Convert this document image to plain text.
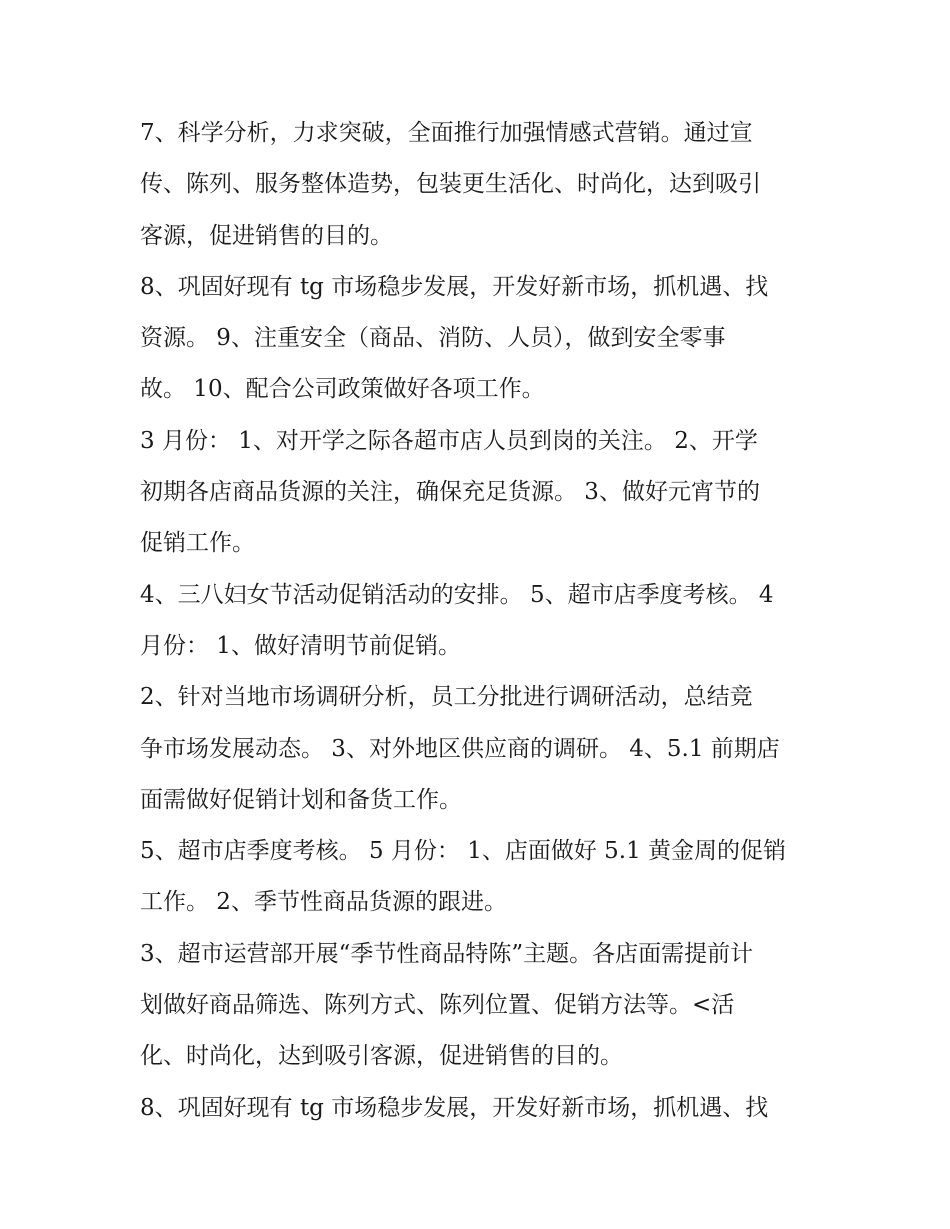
7、科学分析，力求突破，全面推行加强情感式营销。通过宣
传、陈列、服务整体造势，包装更生活化、时尚化，达到吸引
客源，促进销售的目的。
8、巩固好现有 tg 市场稳步发展，开发好新市场，抓机遇、找
资源。 9、注重安全（商品、消防、人员），做到安全零事
故。 10、配合公司政策做好各项工作。
3 月份： 1、对开学之际各超市店人员到岗的关注。 2、开学
初期各店商品货源的关注，确保充足货源。 3、做好元宵节的
促销工作。
4、三八妇女节活动促销活动的安排。 5、超市店季度考核。 4
月份： 1、做好清明节前促销。
2、针对当地市场调研分析，员工分批进行调研活动，总结竞
争市场发展动态。 3、对外地区供应商的调研。 4、5.1 前期店
面需做好促销计划和备货工作。
5、超市店季度考核。 5 月份： 1、店面做好 5.1 黄金周的促销
工作。 2、季节性商品货源的跟进。
3、超市运营部开展“季节性商品特陈”主题。各店面需提前计
划做好商品筛选、陈列方式、陈列位置、促销方法等。<活
化、时尚化，达到吸引客源，促进销售的目的。
8、巩固好现有 tg 市场稳步发展，开发好新市场，抓机遇、找
